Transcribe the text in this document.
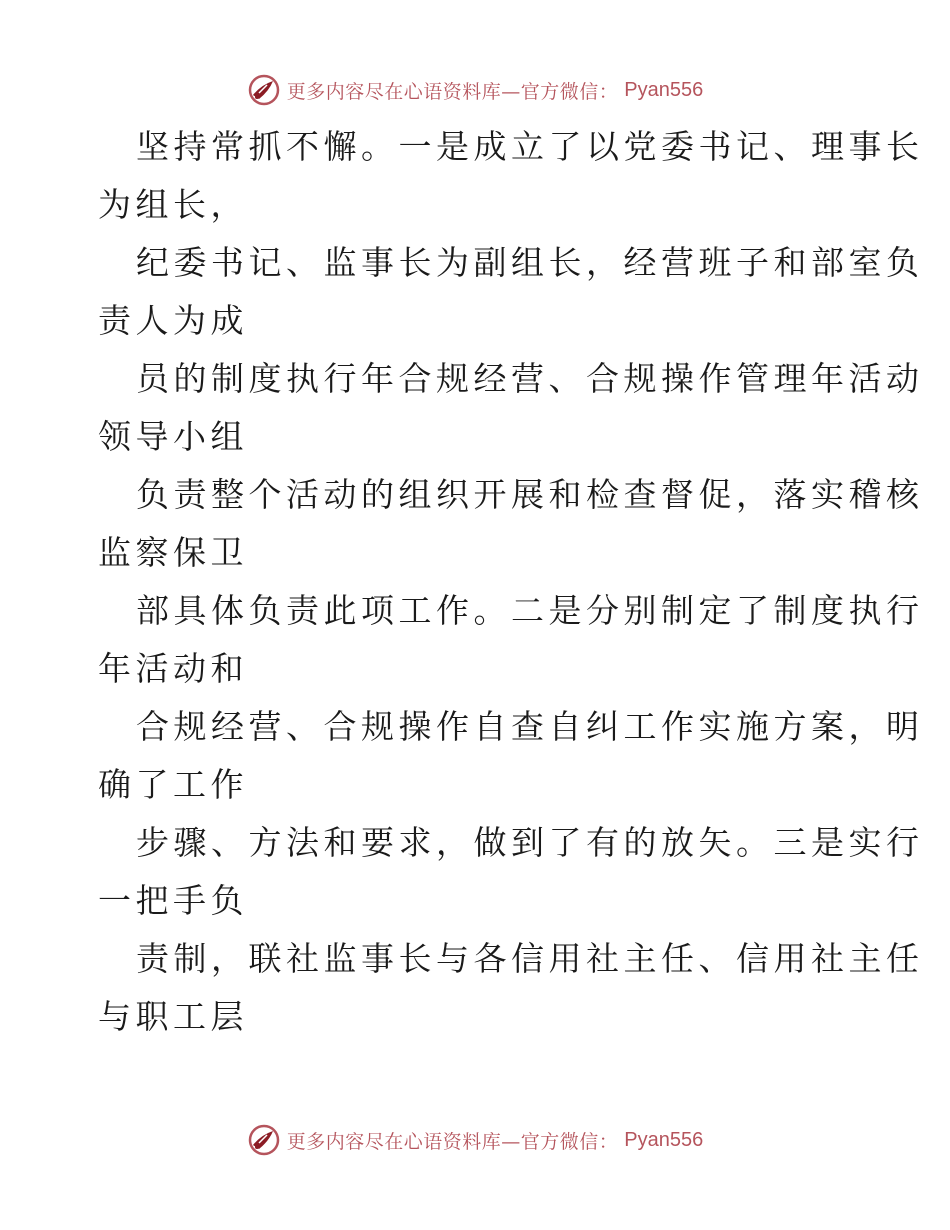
更多内容尽在心语资料库—官方微信： Pyan556
坚持常抓不懈。一是成立了以党委书记、理事长
为组长，
纪委书记、监事长为副组长，经营班子和部室负
责人为成
员的制度执行年合规经营、合规操作管理年活动
领导小组
负责整个活动的组织开展和检查督促，落实稽核
监察保卫
部具体负责此项工作。二是分别制定了制度执行
年活动和
合规经营、合规操作自查自纠工作实施方案，明
确了工作
步骤、方法和要求，做到了有的放矢。三是实行
一把手负
责制，联社监事长与各信用社主任、信用社主任
与职工层
更多内容尽在心语资料库—官方微信： Pyan556
